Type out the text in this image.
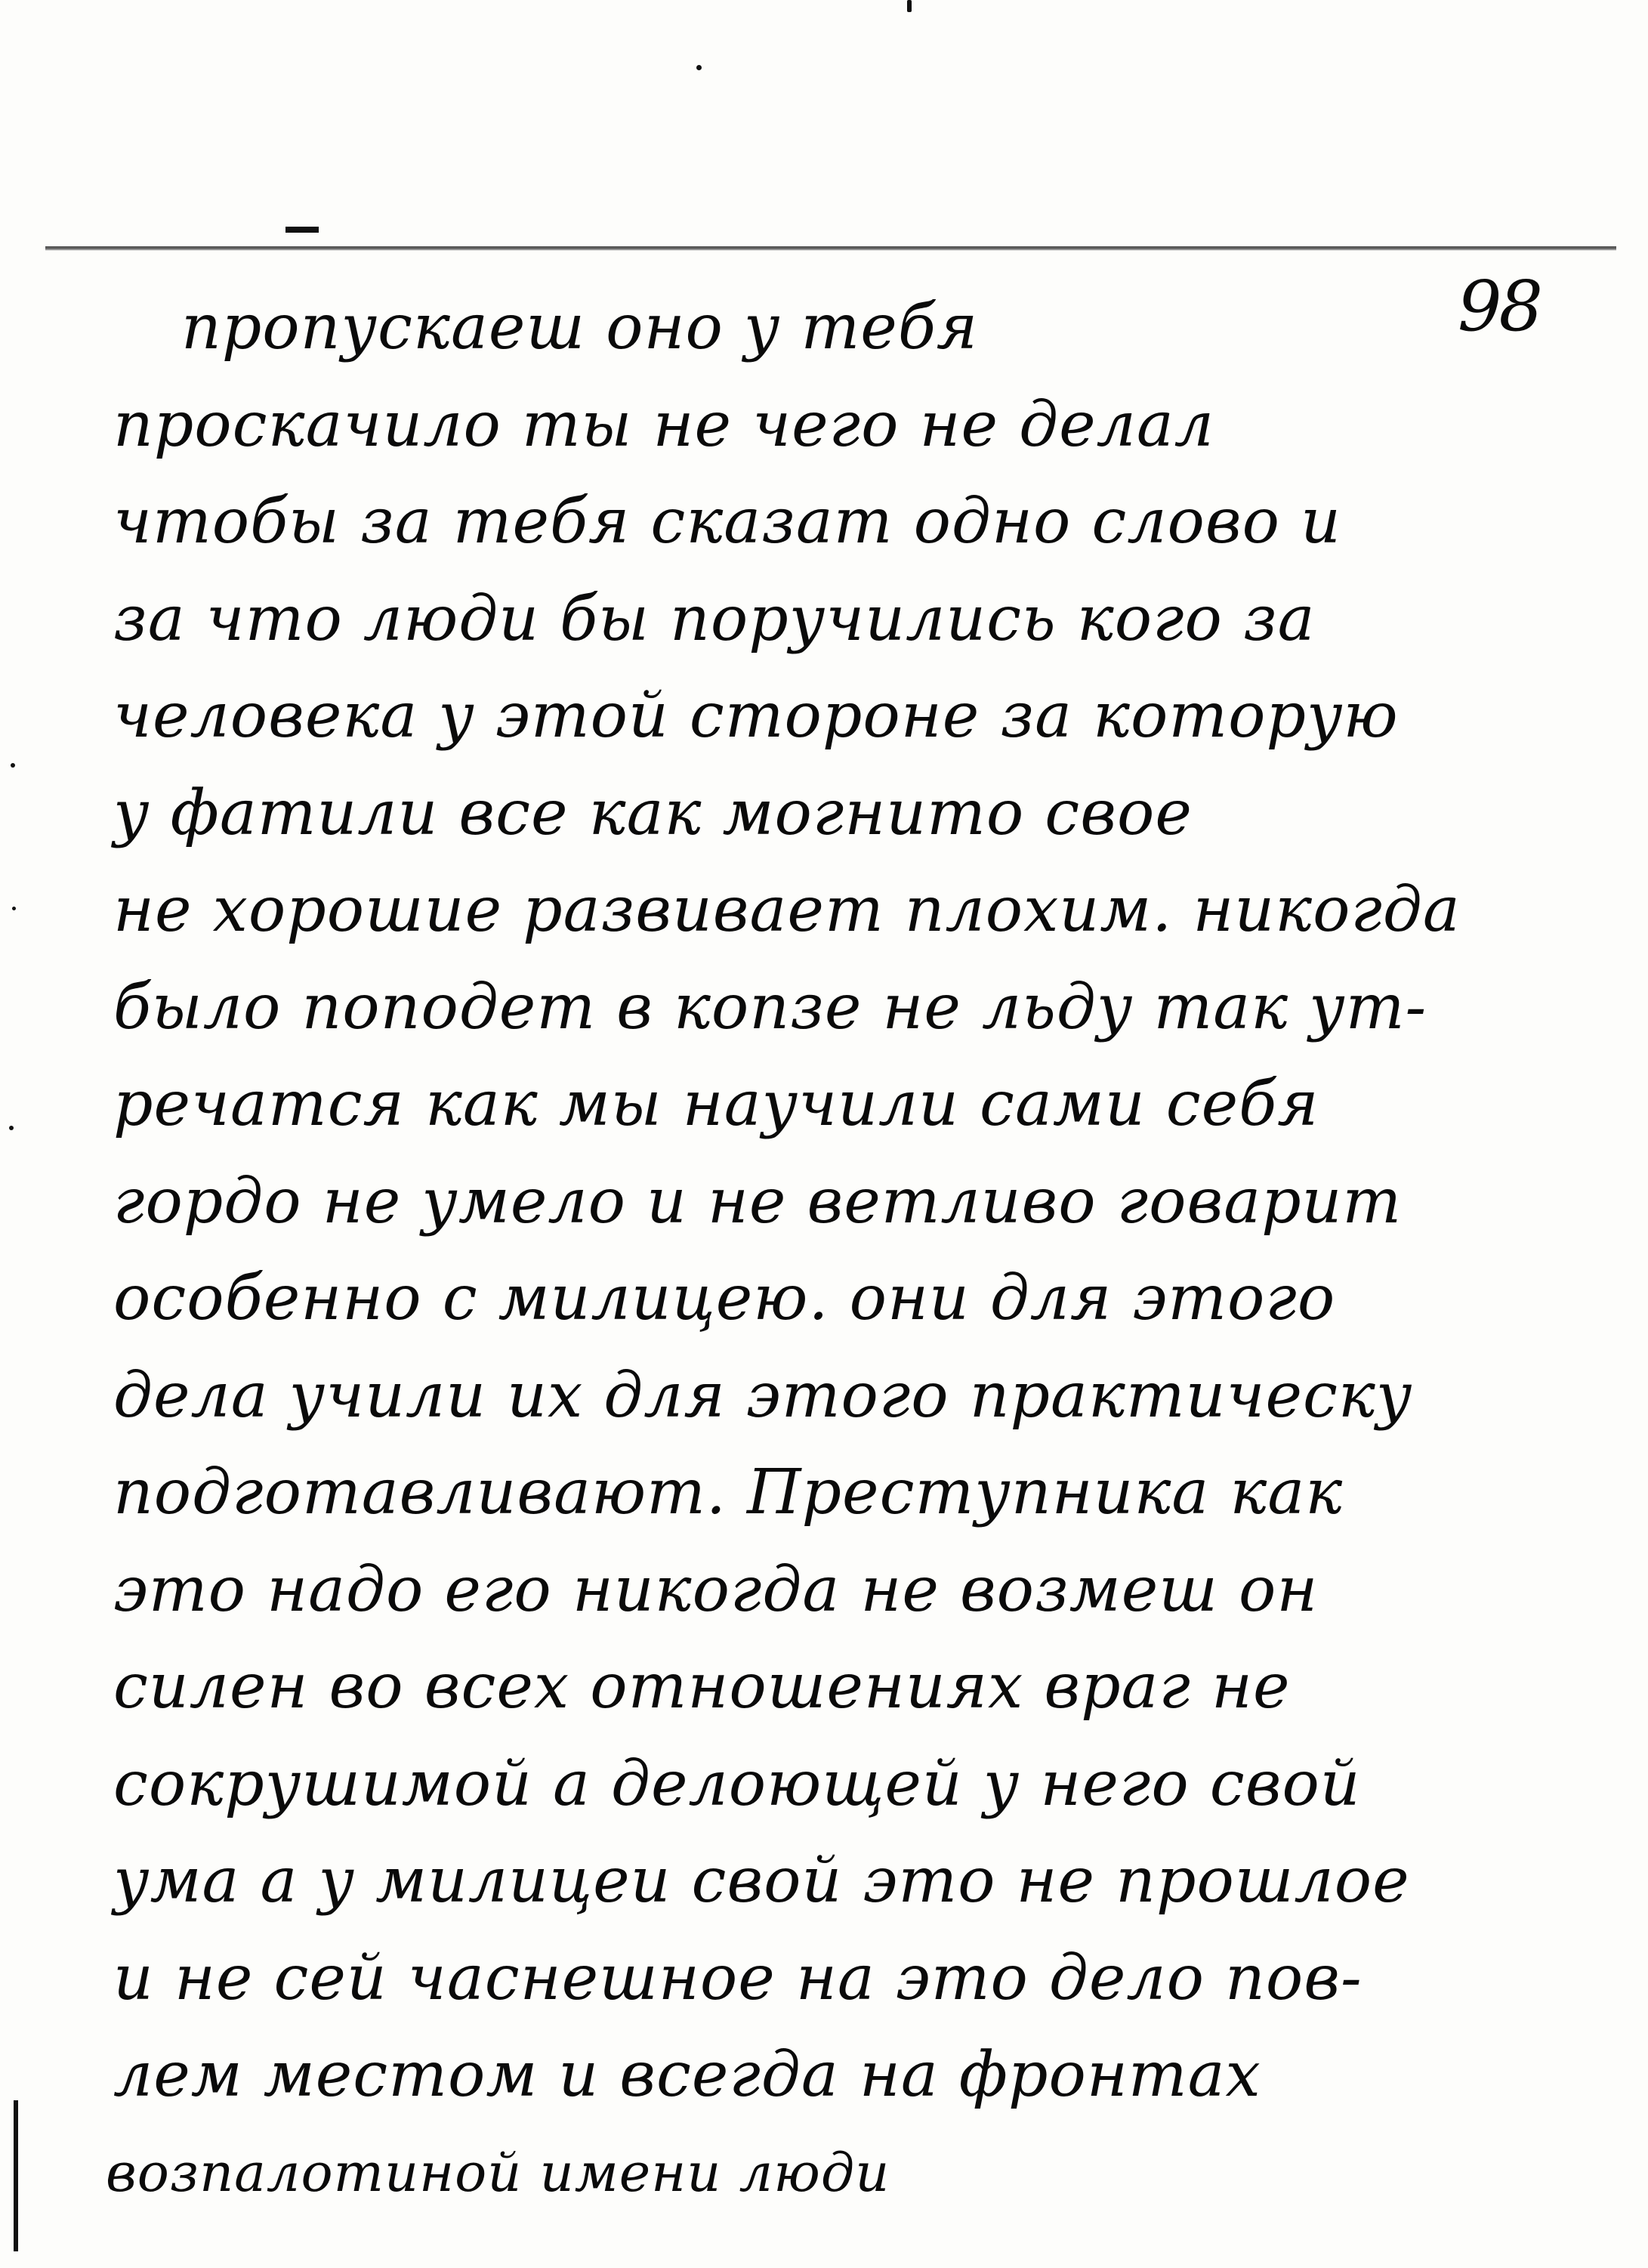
98
пропускаеш оно у тебя
проскачило ты не чего не делал
чтобы за тебя сказат одно слово и
за что люди бы поручились кого за
человека у этой стороне за которую
у фатили все как могнито свое
не хорошие развивает плохим. никогда
было поподет в копзе не льду так ут-
речатся как мы научили сами себя
гордо не умело и не ветливо говарит
особенно с милицею. они для этого
дела учили их для этого практическу
подготавливают. Преступника как
это надо его никогда не возмеш он
силен во всех отношениях враг не
сокрушимой а делоющей у него свой
ума а у милицеи свой это не прошлое
и не сей часнешное на это дело пов-
лем местом и всегда на фронтах
возпалотиной имени люди
